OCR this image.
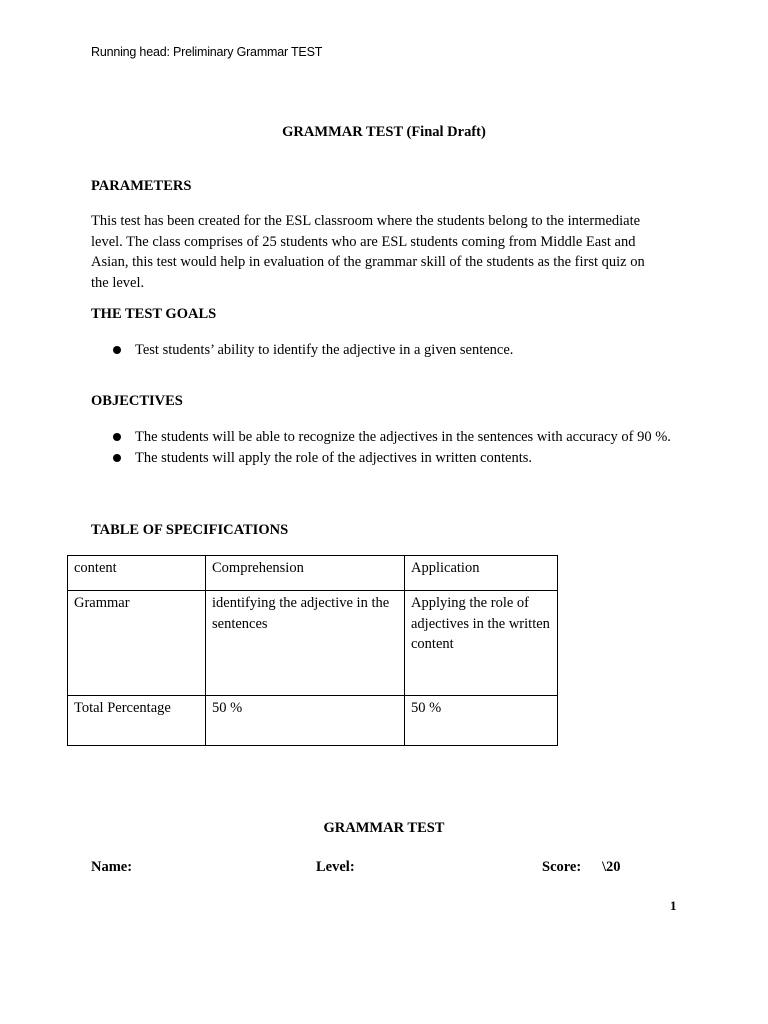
Running head: Preliminary Grammar TEST
GRAMMAR TEST (Final Draft)
PARAMETERS
This test has been created for the ESL classroom where the students belong to the intermediate
level. The class comprises of 25 students who are ESL students coming from Middle East and
Asian, this test would help in evaluation of the grammar skill of the students as the first quiz on
the level.
THE TEST GOALS
Test students’ ability to identify the adjective in a given sentence.
OBJECTIVES
The students will be able to recognize the adjectives in the sentences with accuracy of 90 %.
The students will apply the role of the adjectives in written contents.
TABLE OF SPECIFICATIONS
content	Comprehension	Application
Grammar	identifying the adjective in the sentences	Applying the role of adjectives in the written content
Total Percentage	50 %	50 %
GRAMMAR TEST
Name:	Level:	Score: \20
1
